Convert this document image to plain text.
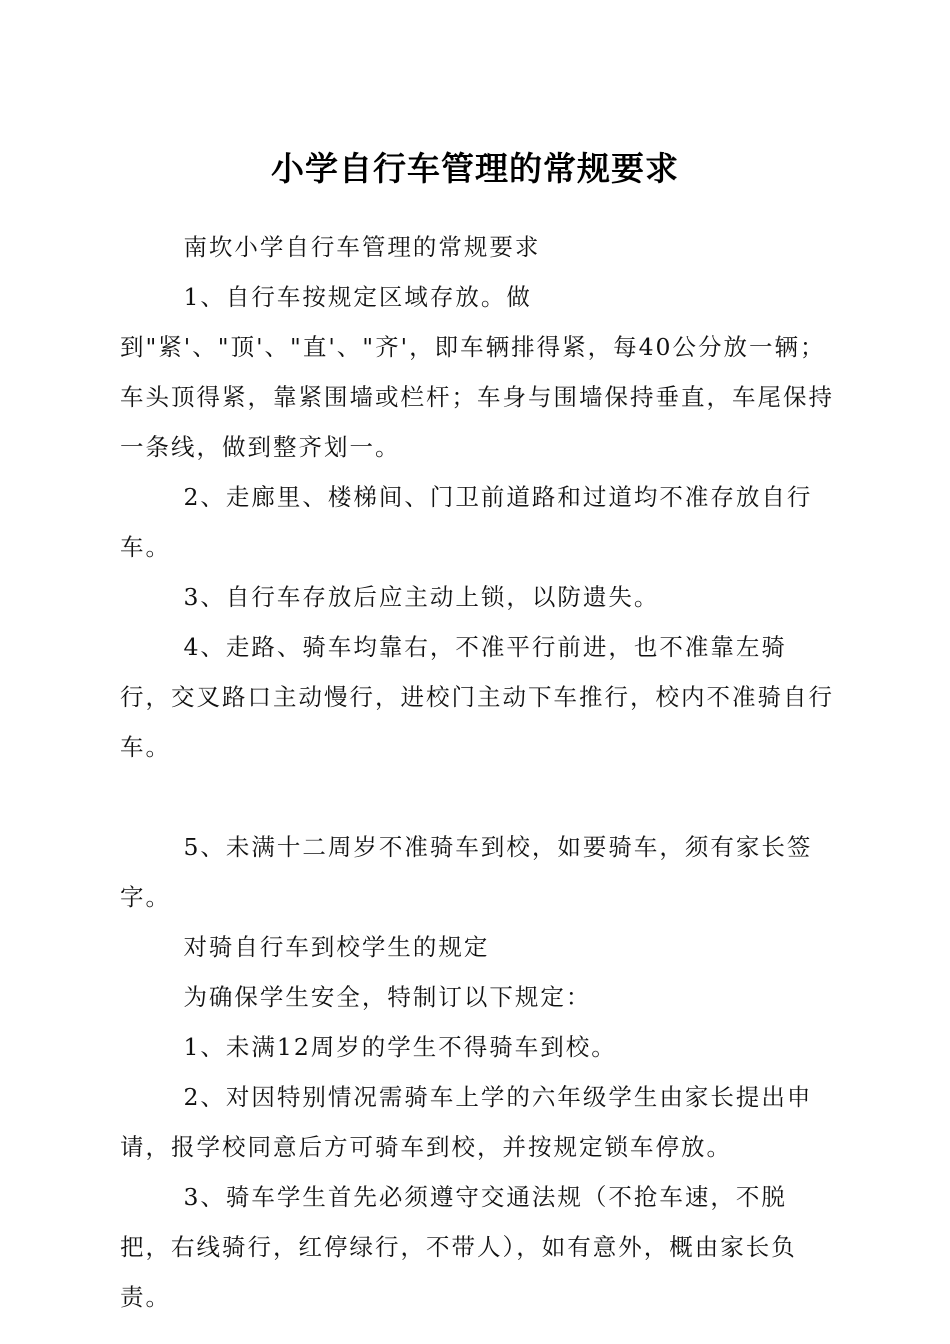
小学自行车管理的常规要求

南坎小学自行车管理的常规要求

1、自行车按规定区域存放。做到"紧'、"顶'、"直'、"齐'，即车辆排得紧，每40公分放一辆；车头顶得紧，靠紧围墙或栏杆；车身与围墙保持垂直，车尾保持一条线，做到整齐划一。

2、走廊里、楼梯间、门卫前道路和过道均不准存放自行车。

3、自行车存放后应主动上锁，以防遗失。

4、走路、骑车均靠右，不准平行前进，也不准靠左骑行，交叉路口主动慢行，进校门主动下车推行，校内不准骑自行车。

5、未满十二周岁不准骑车到校，如要骑车，须有家长签字。

对骑自行车到校学生的规定

为确保学生安全，特制订以下规定：

1、未满12周岁的学生不得骑车到校。

2、对因特别情况需骑车上学的六年级学生由家长提出申请，报学校同意后方可骑车到校，并按规定锁车停放。

3、骑车学生首先必须遵守交通法规（不抢车速，不脱把，右线骑行，红停绿行，不带人），如有意外，概由家长负责。
